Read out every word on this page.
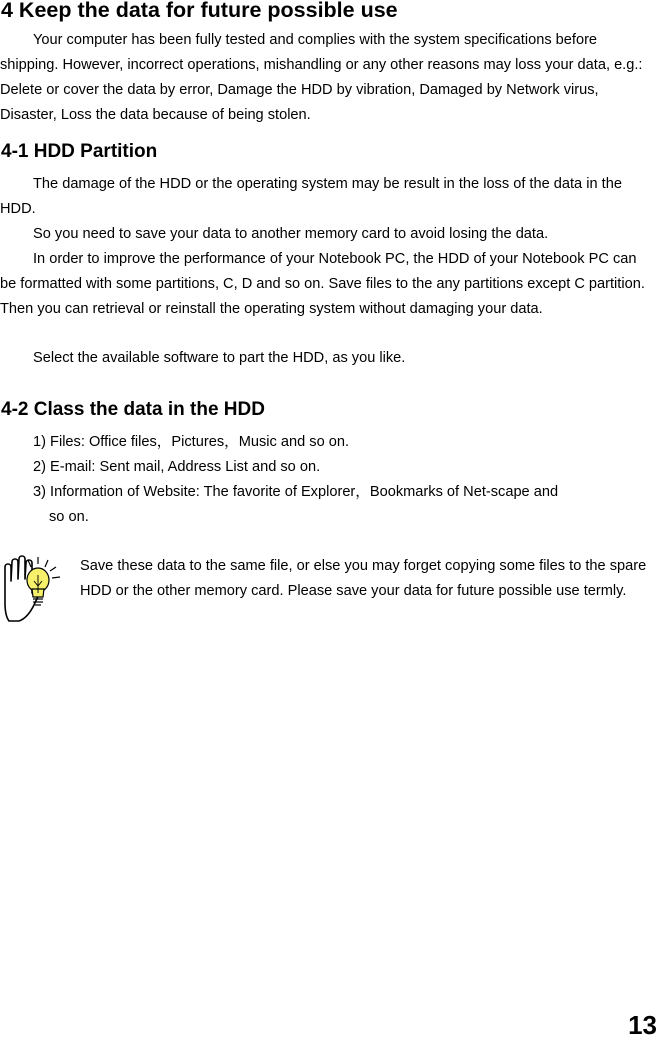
4 Keep the data for future possible use

Your computer has been fully tested and complies with the system specifications before shipping. However, incorrect operations, mishandling or any other reasons may loss your data, e.g.: Delete or cover the data by error, Damage the HDD by vibration, Damaged by Network virus, Disaster, Loss the data because of being stolen.

4-1 HDD Partition

The damage of the HDD or the operating system may be result in the loss of the data in the HDD.

So you need to save your data to another memory card to avoid losing the data.

In order to improve the performance of your Notebook PC, the HDD of your Notebook PC can be formatted with some partitions, C, D and so on. Save files to the any partitions except C partition. Then you can retrieval or reinstall the operating system without damaging your data.

Select the available software to part the HDD, as you like.

4-2 Class the data in the HDD

1) Files: Office files，Pictures，Music and so on.

2) E-mail: Sent mail, Address List and so on.

3) Information of Website: The favorite of Explorer，Bookmarks of Net-scape and
so on.

Save these data to the same file, or else you may forget copying some files to the spare HDD or the other memory card. Please save your data for future possible use termly.

13
